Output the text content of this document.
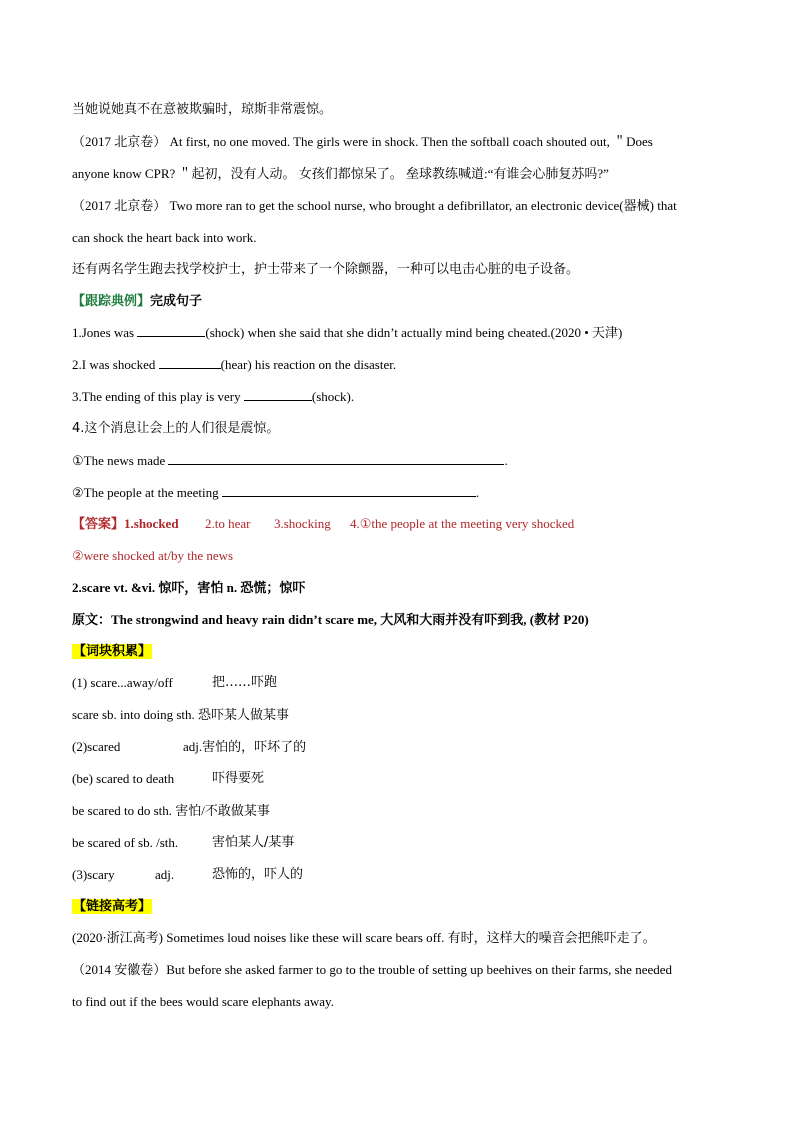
当她说她真不在意被欺骗时，琼斯非常震惊。
（2017 北京卷） At first, no one moved. The girls were in shock. Then the softball coach shouted out, ＂Does
anyone know CPR? ＂起初，没有人动。 女孩们都惊呆了。 垒球教练喊道:“有谁会心肺复苏吗?”
（2017 北京卷） Two more ran to get the school nurse, who brought a defibrillator, an electronic device(器械) that
can shock the heart back into work.
还有两名学生跑去找学校护士，护士带来了一个除颤器，一种可以电击心脏的电子设备。
【跟踪典例】完成句子
1.Jones was	(shock) when she said that she didn’t actually mind being cheated.(2020 • 天津)
2.I was shocked	(hear) his reaction on the disaster.
3.The ending of this play is very	(shock).
4.这个消息让会上的人们很是震惊。
①The news made	.
②The people at the meeting	.
【答案】1.shocked 2.to hear 3.shocking 4.①the people at the meeting very shocked
②were shocked at/by the news
2.scare vt. &vi. 惊吓，害怕 n. 恐慌；惊吓
原文：The strongwind and heavy rain didn’t scare me, 大风和大雨并没有吓到我, (教材 P20)
【词块积累】
(1) scare...away/off	把……吓跑
scare sb. into doing sth. 恐吓某人做某事
(2)scared	adj.害怕的，吓坏了的
(be) scared to death	吓得要死
be scared to do sth. 害怕/不敢做某事
be scared of sb. /sth.	害怕某人/某事
(3)scary	adj.	恐怖的，吓人的
【链接高考】
(2020·浙江高考) Sometimes loud noises like these will scare bears off. 有时，这样大的噪音会把熊吓走了。
（2014 安徽卷）But before she asked farmer to go to the trouble of setting up beehives on their farms, she needed
to find out if the bees would scare elephants away.
